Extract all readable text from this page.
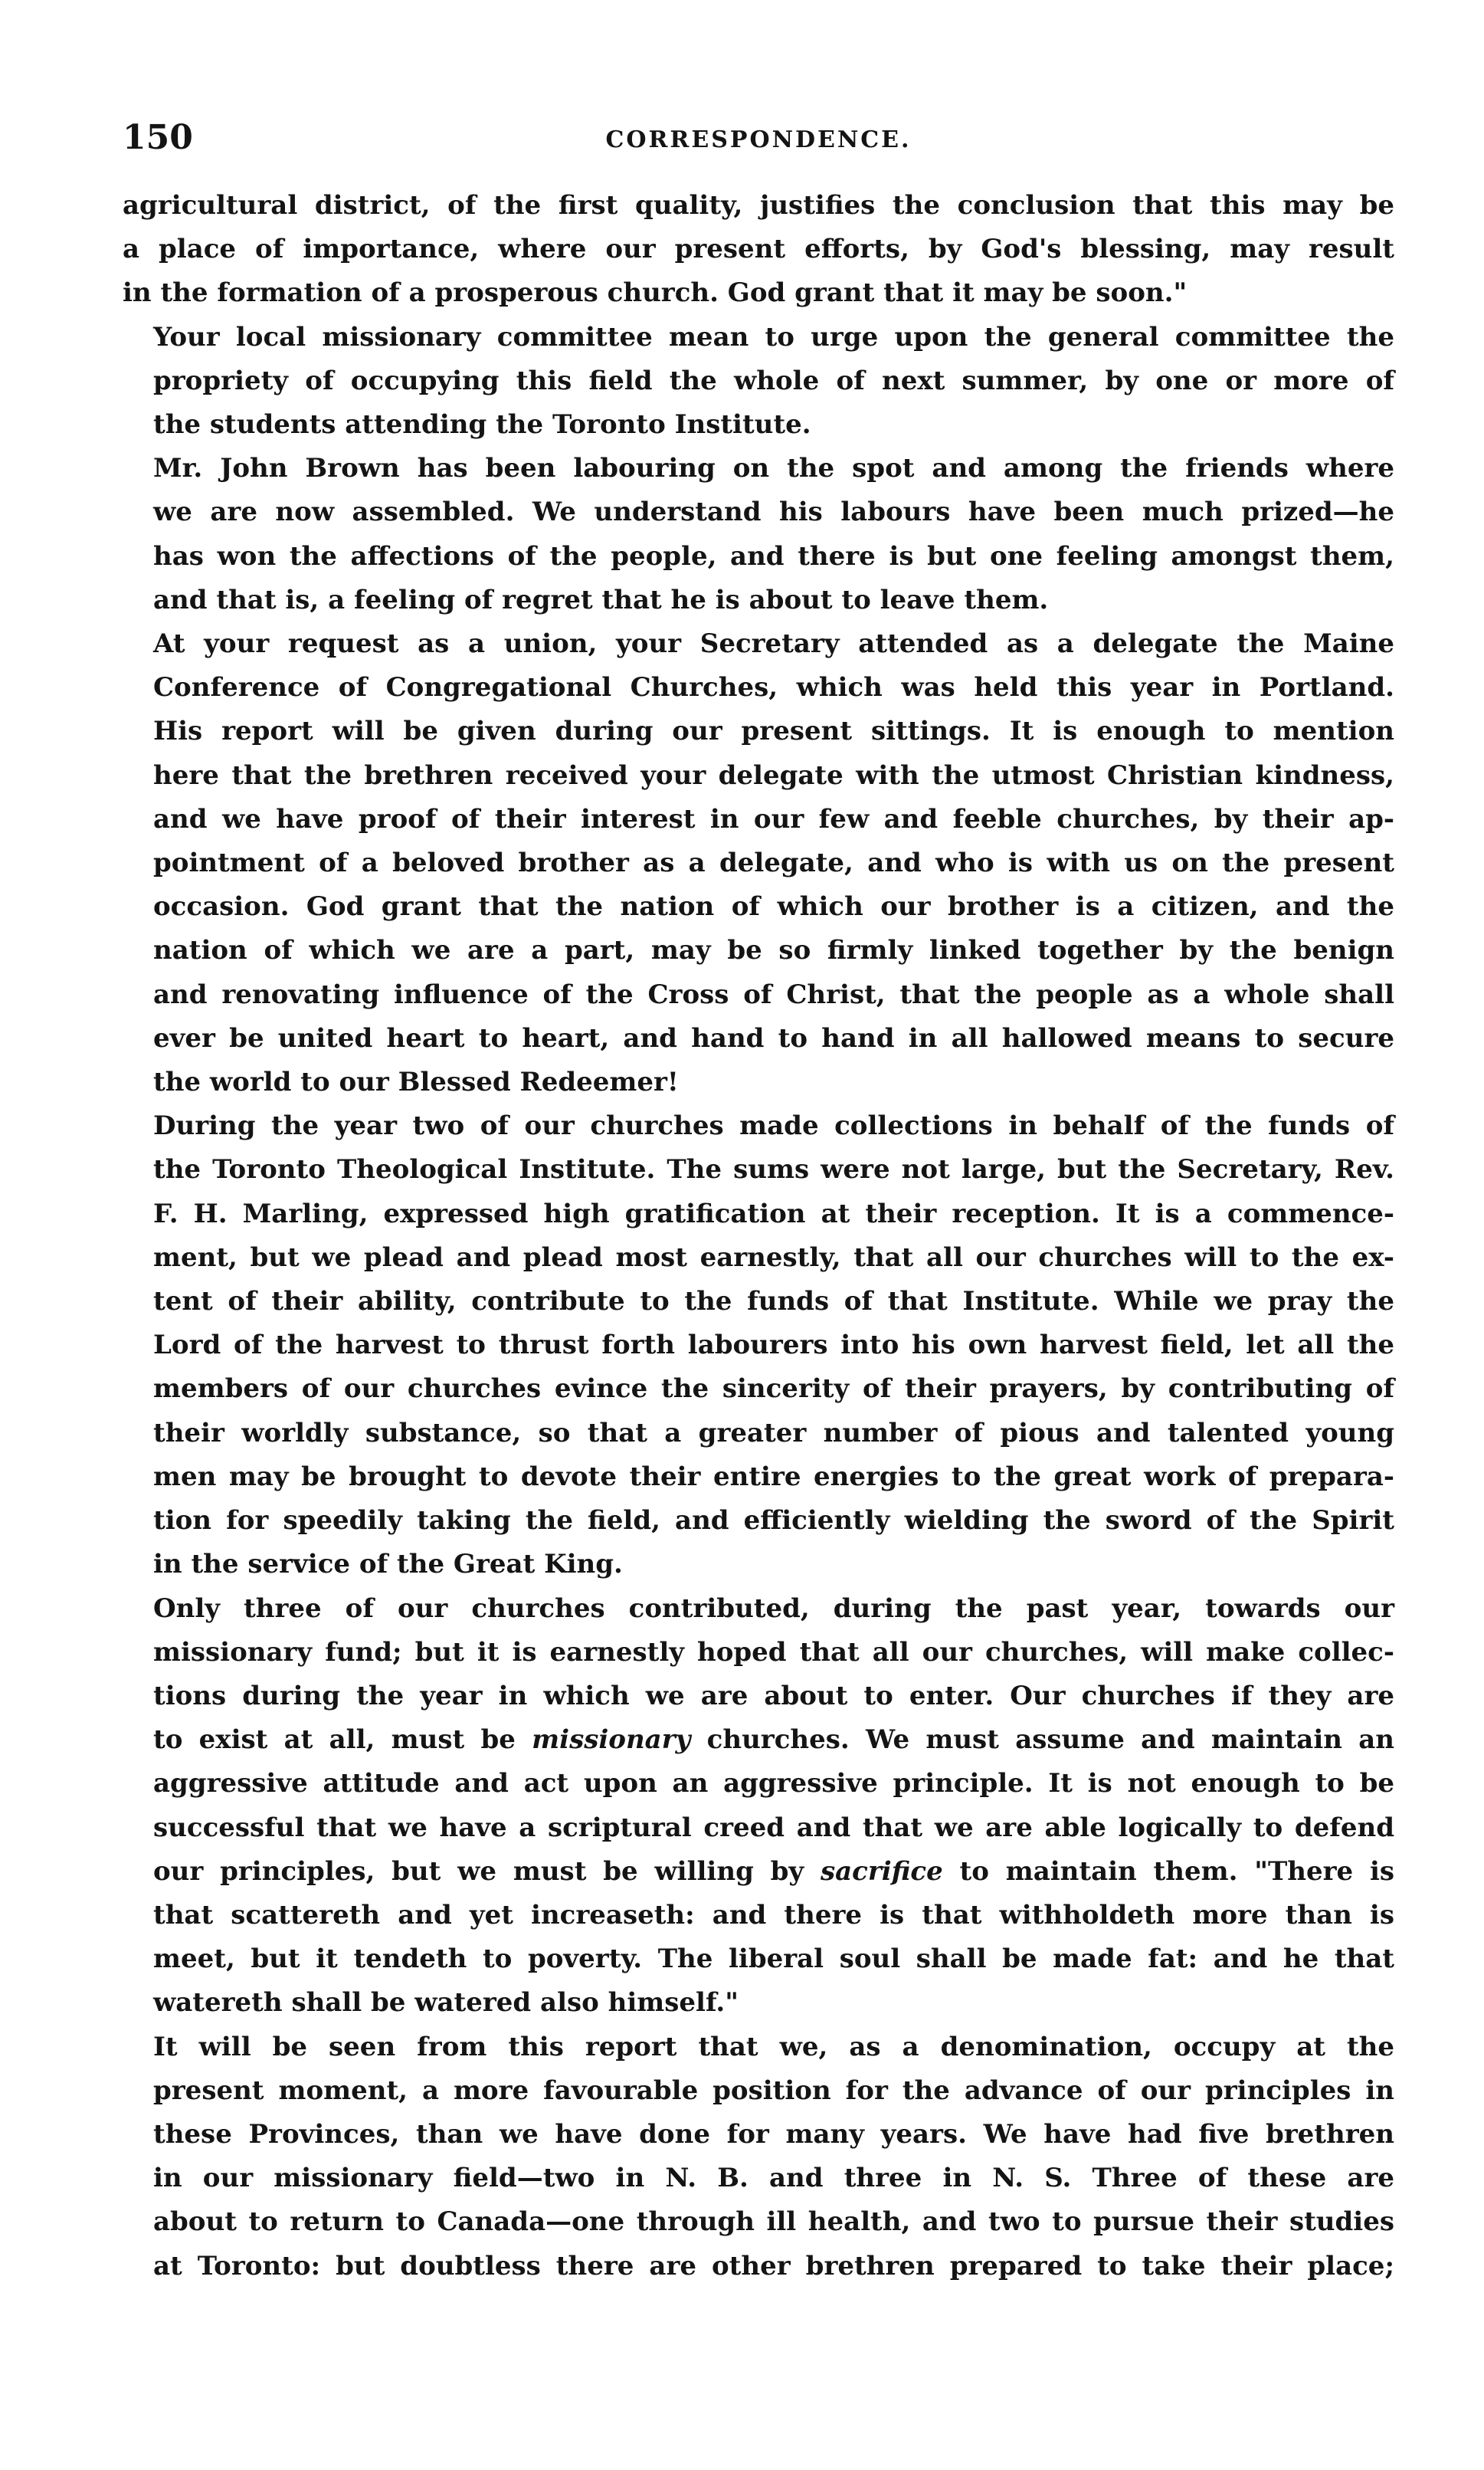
150	CORRESPONDENCE.

agricultural district, of the first quality, justifies the conclusion that this may be
a place of importance, where our present efforts, by God's blessing, may result
in the formation of a prosperous church. God grant that it may be soon."

Your local missionary committee mean to urge upon the general committee the
propriety of occupying this field the whole of next summer, by one or more of
the students attending the Toronto Institute.

Mr. John Brown has been labouring on the spot and among the friends where
we are now assembled. We understand his labours have been much prized—he
has won the affections of the people, and there is but one feeling amongst them,
and that is, a feeling of regret that he is about to leave them.

At your request as a union, your Secretary attended as a delegate the Maine
Conference of Congregational Churches, which was held this year in Portland.
His report will be given during our present sittings. It is enough to mention
here that the brethren received your delegate with the utmost Christian kindness,
and we have proof of their interest in our few and feeble churches, by their ap-
pointment of a beloved brother as a delegate, and who is with us on the present
occasion. God grant that the nation of which our brother is a citizen, and the
nation of which we are a part, may be so firmly linked together by the benign
and renovating influence of the Cross of Christ, that the people as a whole shall
ever be united heart to heart, and hand to hand in all hallowed means to secure
the world to our Blessed Redeemer!

During the year two of our churches made collections in behalf of the funds of
the Toronto Theological Institute. The sums were not large, but the Secretary, Rev.
F. H. Marling, expressed high gratification at their reception. It is a commence-
ment, but we plead and plead most earnestly, that all our churches will to the ex-
tent of their ability, contribute to the funds of that Institute. While we pray the
Lord of the harvest to thrust forth labourers into his own harvest field, let all the
members of our churches evince the sincerity of their prayers, by contributing of
their worldly substance, so that a greater number of pious and talented young
men may be brought to devote their entire energies to the great work of prepara-
tion for speedily taking the field, and efficiently wielding the sword of the Spirit
in the service of the Great King.

Only three of our churches contributed, during the past year, towards our
missionary fund; but it is earnestly hoped that all our churches, will make collec-
tions during the year in which we are about to enter. Our churches if they are
to exist at all, must be missionary churches. We must assume and maintain an
aggressive attitude and act upon an aggressive principle. It is not enough to be
successful that we have a scriptural creed and that we are able logically to defend
our principles, but we must be willing by sacrifice to maintain them. "There is
that scattereth and yet increaseth: and there is that withholdeth more than is
meet, but it tendeth to poverty. The liberal soul shall be made fat: and he that
watereth shall be watered also himself."

It will be seen from this report that we, as a denomination, occupy at the
present moment, a more favourable position for the advance of our principles in
these Provinces, than we have done for many years. We have had five brethren
in our missionary field—two in N. B. and three in N. S. Three of these are
about to return to Canada—one through ill health, and two to pursue their studies
at Toronto: but doubtless there are other brethren prepared to take their place;
